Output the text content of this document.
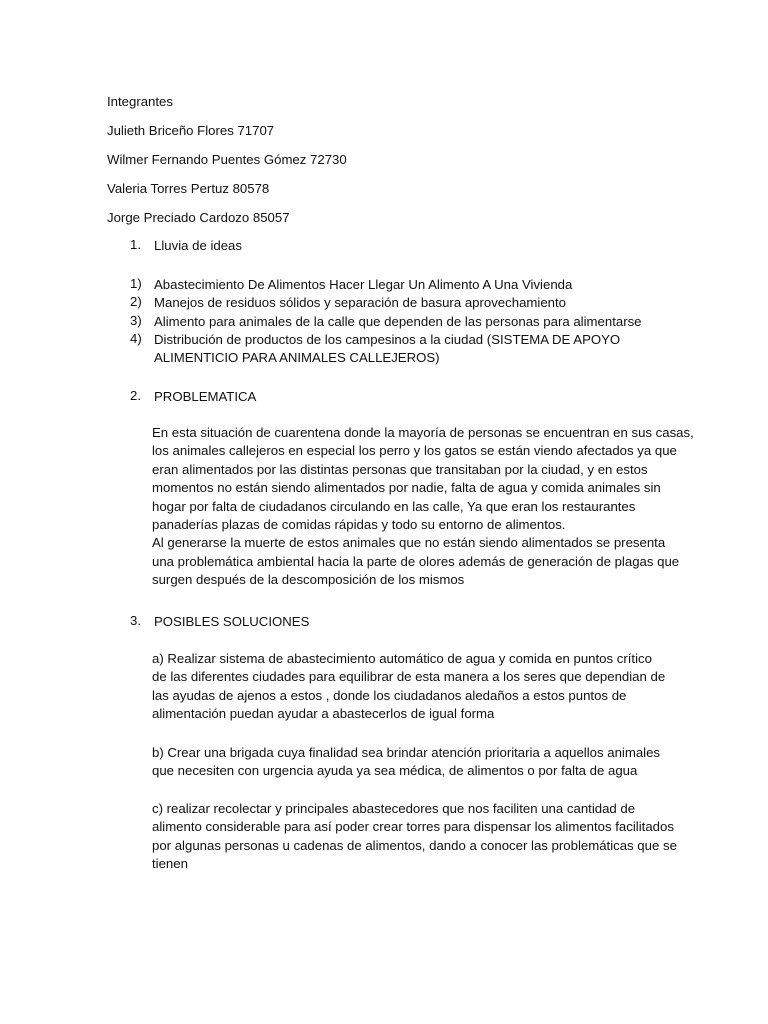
Integrantes
Julieth Briceño Flores 71707
Wilmer Fernando Puentes Gómez 72730
Valeria Torres Pertuz 80578
Jorge Preciado Cardozo 85057
1. Lluvia de ideas
1) Abastecimiento De Alimentos Hacer Llegar Un Alimento A Una Vivienda
2) Manejos de residuos sólidos y separación de basura aprovechamiento
3) Alimento para animales de la calle que dependen de las personas para alimentarse
4) Distribución de productos de los campesinos a la ciudad (SISTEMA DE APOYO
ALIMENTICIO PARA ANIMALES CALLEJEROS)
2. PROBLEMATICA
En esta situación de cuarentena donde la mayoría de personas se encuentran en sus casas,
los animales callejeros en especial los perro y los gatos se están viendo afectados ya que
eran alimentados por las distintas personas que transitaban por la ciudad, y en estos
momentos no están siendo alimentados por nadie, falta de agua y comida animales sin
hogar por falta de ciudadanos circulando en las calle, Ya que eran los restaurantes
panaderías plazas de comidas rápidas y todo su entorno de alimentos.
Al generarse la muerte de estos animales que no están siendo alimentados se presenta
una problemática ambiental hacia la parte de olores además de generación de plagas que
surgen después de la descomposición de los mismos
3. POSIBLES SOLUCIONES
a) Realizar sistema de abastecimiento automático de agua y comida en puntos crítico
de las diferentes ciudades para equilibrar de esta manera a los seres que dependian de
las ayudas de ajenos a estos , donde los ciudadanos aledaños a estos puntos de
alimentación puedan ayudar a abastecerlos de igual forma
b) Crear una brigada cuya finalidad sea brindar atención prioritaria a aquellos animales
que necesiten con urgencia ayuda ya sea médica, de alimentos o por falta de agua
c) realizar recolectar y principales abastecedores que nos faciliten una cantidad de
alimento considerable para así poder crear torres para dispensar los alimentos facilitados
por algunas personas u cadenas de alimentos, dando a conocer las problemáticas que se
tienen
